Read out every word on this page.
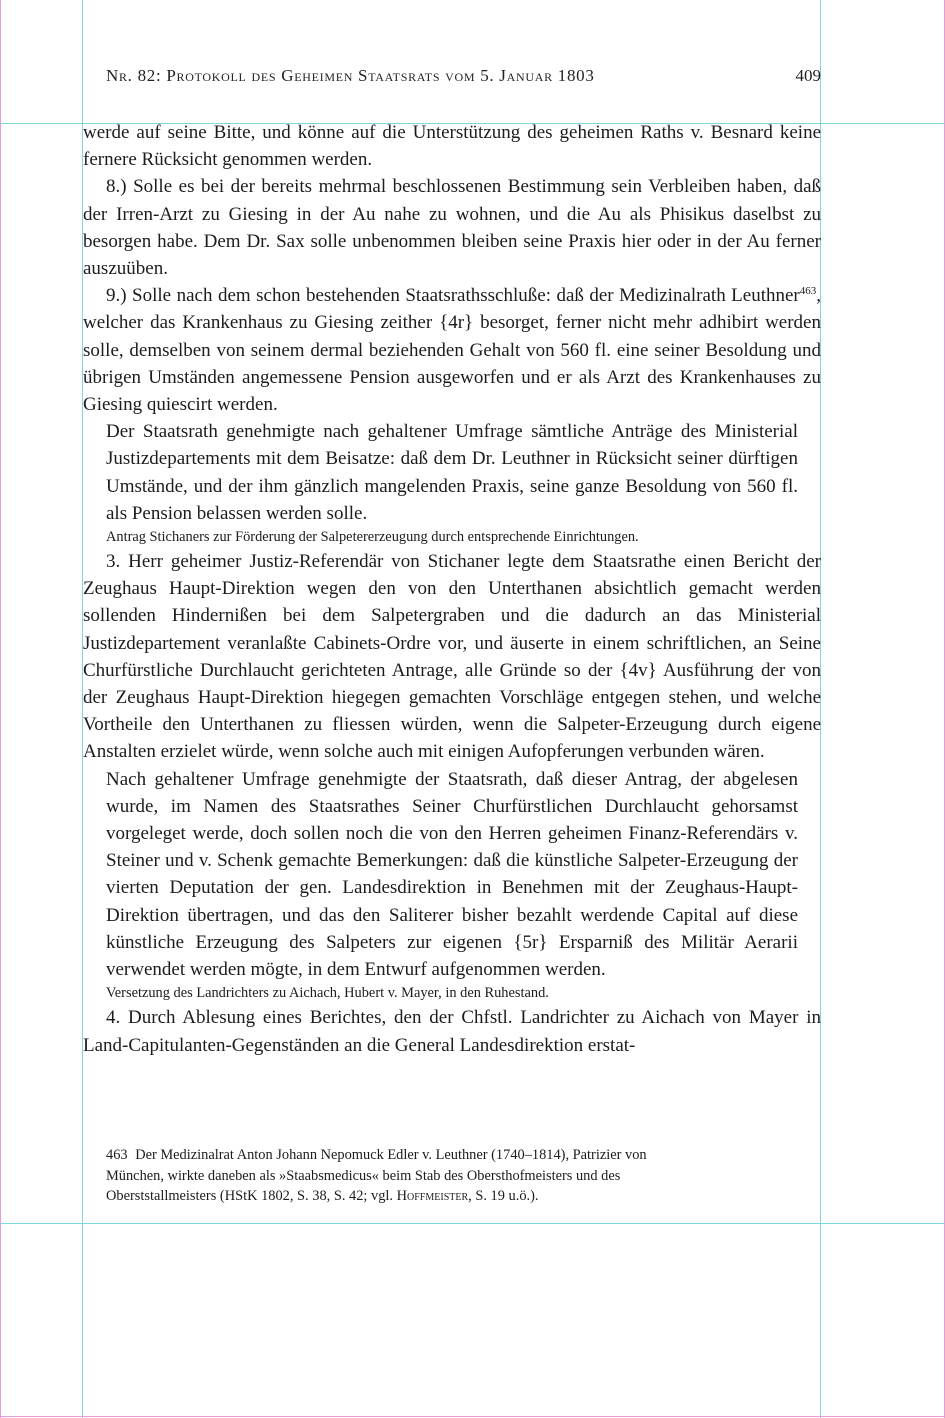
Nr. 82: Protokoll des Geheimen Staatsrats vom 5. Januar 1803	409

werde auf seine Bitte, und könne auf die Unterstützung des geheimen Raths v. Besnard keine fernere Rücksicht genommen werden.

8.) Solle es bei der bereits mehrmal beschlossenen Bestimmung sein Verbleiben haben, daß der Irren-Arzt zu Giesing in der Au nahe zu wohnen, und die Au als Phisikus daselbst zu besorgen habe. Dem Dr. Sax solle unbenommen bleiben seine Praxis hier oder in der Au ferner auszuüben.

9.) Solle nach dem schon bestehenden Staatsrathsschluße: daß der Medizinalrath Leuthner$^{463}$, welcher das Krankenhaus zu Giesing zeither {4r} besorget, ferner nicht mehr adhibirt werden solle, demselben von seinem dermal beziehenden Gehalt von 560 fl. eine seiner Besoldung und übrigen Umständen angemessene Pension ausgeworfen und er als Arzt des Krankenhauses zu Giesing quiescirt werden.

Der Staatsrath genehmigte nach gehaltener Umfrage sämtliche Anträge des Ministerial Justizdepartements mit dem Beisatze: daß dem Dr. Leuthner in Rücksicht seiner dürftigen Umstände, und der ihm gänzlich mangelenden Praxis, seine ganze Besoldung von 560 fl. als Pension belassen werden solle.

Antrag Stichaners zur Förderung der Salpetererzeugung durch entsprechende Einrichtungen.

3. Herr geheimer Justiz-Referendär von Stichaner legte dem Staatsrathe einen Bericht der Zeughaus Haupt-Direktion wegen den von den Unterthanen absichtlich gemacht werden sollenden Hindernißen bei dem Salpetergraben und die dadurch an das Ministerial Justizdepartement veranlaßte Cabinets-Ordre vor, und äuserte in einem schriftlichen, an Seine Churfürstliche Durchlaucht gerichteten Antrage, alle Gründe so der {4v} Ausführung der von der Zeughaus Haupt-Direktion hiegegen gemachten Vorschläge entgegen stehen, und welche Vortheile den Unterthanen zu fliessen würden, wenn die Salpeter-Erzeugung durch eigene Anstalten erzielet würde, wenn solche auch mit einigen Aufopferungen verbunden wären.

Nach gehaltener Umfrage genehmigte der Staatsrath, daß dieser Antrag, der abgelesen wurde, im Namen des Staatsrathes Seiner Churfürstlichen Durchlaucht gehorsamst vorgeleget werde, doch sollen noch die von den Herren geheimen Finanz-Referendärs v. Steiner und v. Schenk gemachte Bemerkungen: daß die künstliche Salpeter-Erzeugung der vierten Deputation der gen. Landesdirektion in Benehmen mit der Zeughaus-Haupt-Direktion übertragen, und das den Saliterer bisher bezahlt werdende Capital auf diese künstliche Erzeugung des Salpeters zur eigenen {5r} Ersparniß des Militär Aerarii verwendet werden mögte, in dem Entwurf aufgenommen werden.

Versetzung des Landrichters zu Aichach, Hubert v. Mayer, in den Ruhestand.

4. Durch Ablesung eines Berichtes, den der Chfstl. Landrichter zu Aichach von Mayer in Land-Capitulanten-Gegenständen an die General Landesdirektion erstat-

463 Der Medizinalrat Anton Johann Nepomuck Edler v. Leuthner (1740–1814), Patrizier von München, wirkte daneben als »Staabsmedicus« beim Stab des Obersthofmeisters und des Oberststallmeisters (HStK 1802, S. 38, S. 42; vgl. Hoffmeister, S. 19 u.ö.).
